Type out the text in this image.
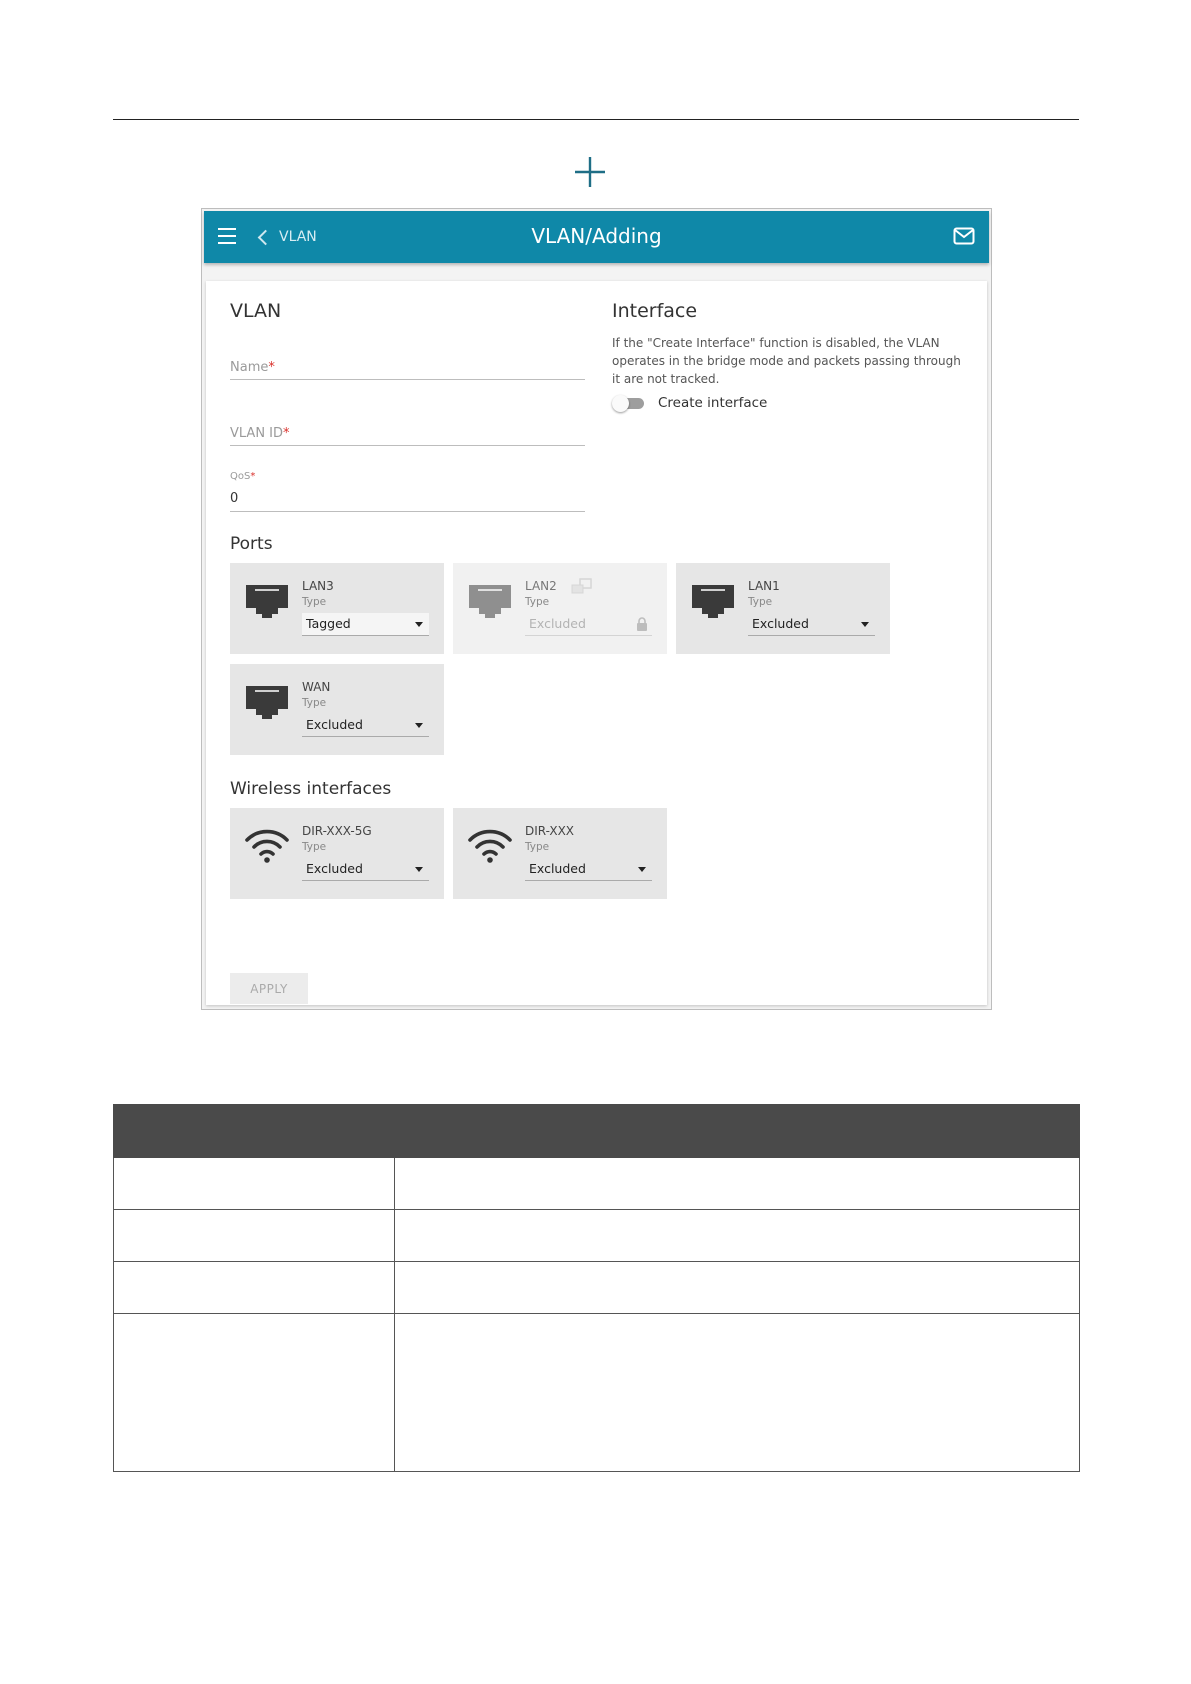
VLAN	VLAN/Adding
VLAN
Name*
VLAN ID*
QoS*
0
Interface
If the "Create Interface" function is disabled, the VLAN operates in the bridge mode and packets passing through it are not tracked.
Create interface
Ports
LAN3
Type
Tagged
LAN2
Type
Excluded
LAN1
Type
Excluded
WAN
Type
Excluded
Wireless interfaces
DIR-XXX-5G
Type
Excluded
DIR-XXX
Type
Excluded
APPLY
